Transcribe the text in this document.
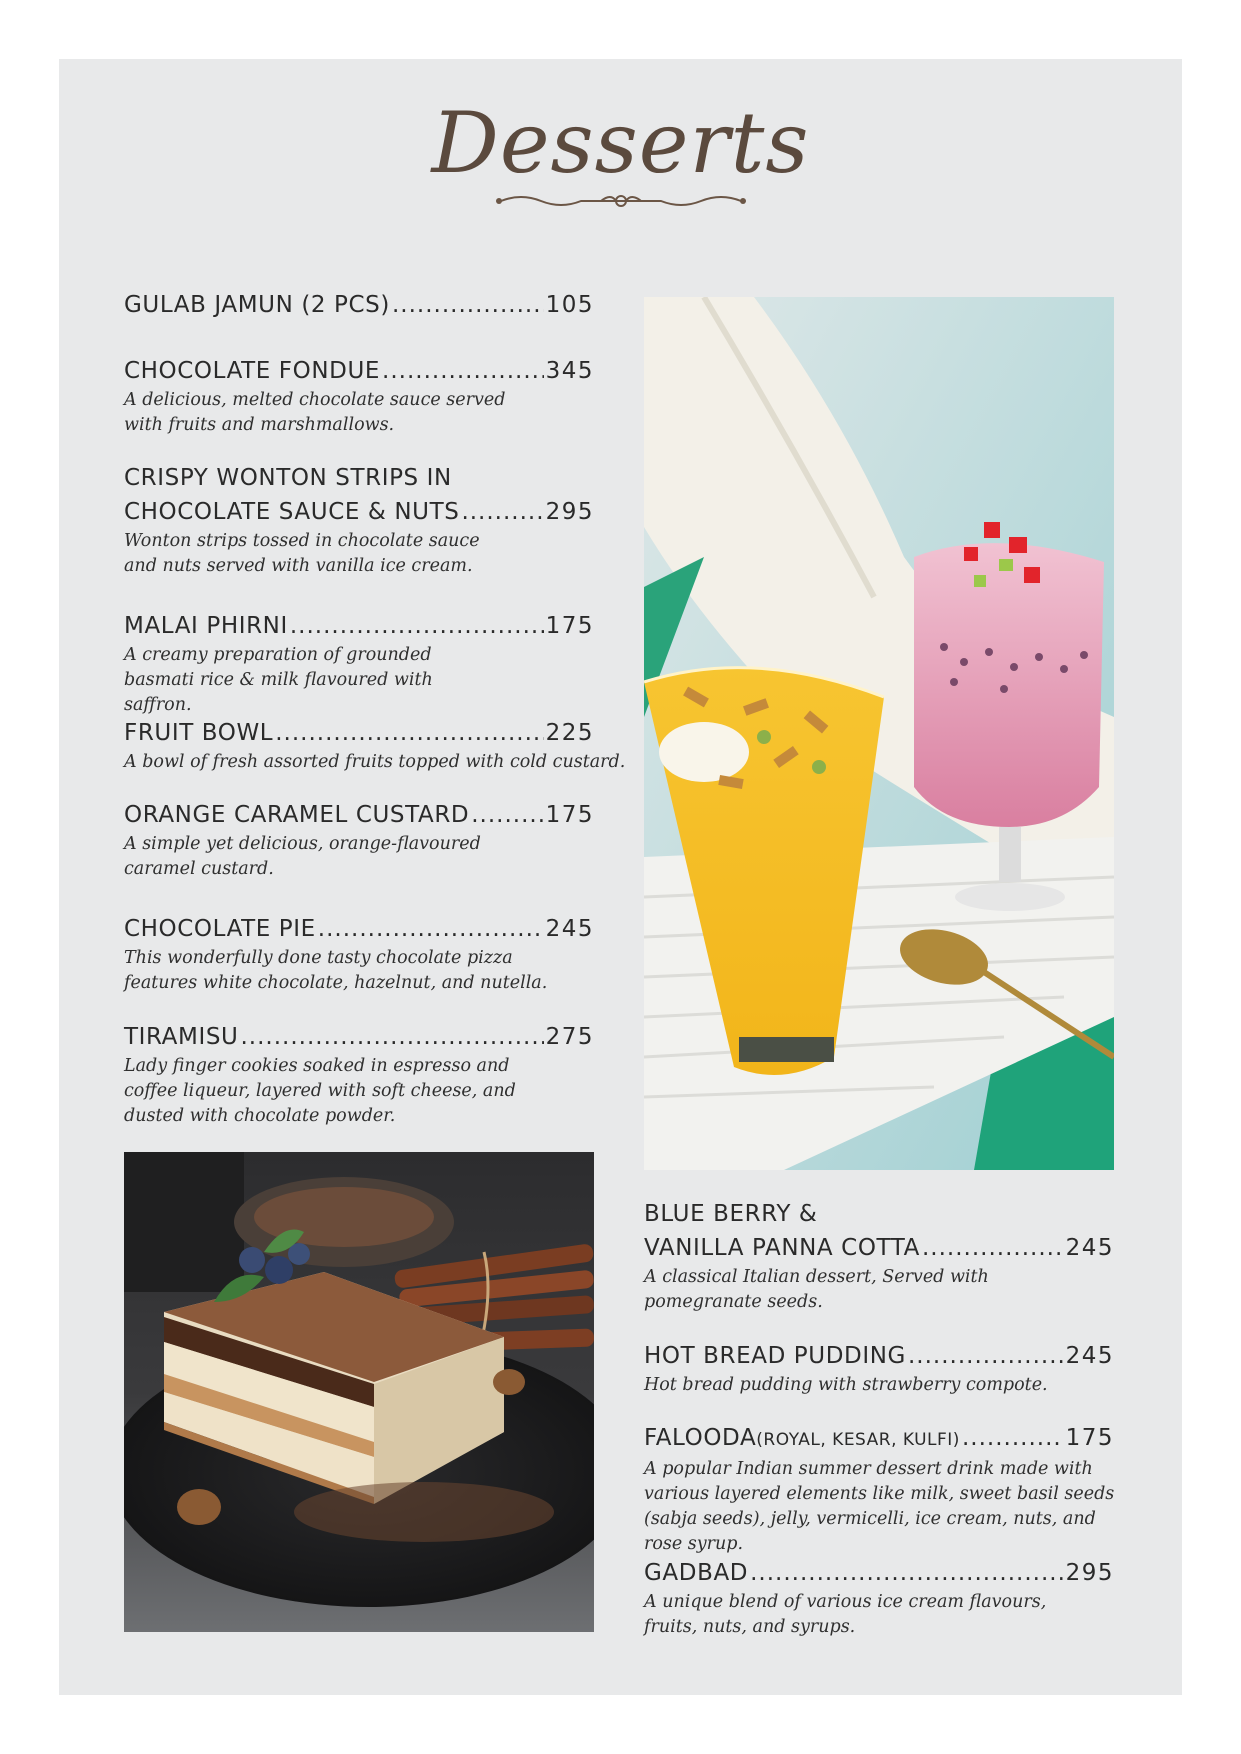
Desserts
GULAB JAMUN (2 PCS) .....	105
CHOCOLATE FONDUE .....	345
A delicious, melted chocolate sauce served with fruits and marshmallows.
CRISPY WONTON STRIPS IN
CHOCOLATE SAUCE & NUTS .....	295
Wonton strips tossed in chocolate sauce and nuts served with vanilla ice cream.
MALAI PHIRNI .....	175
A creamy preparation of grounded basmati rice & milk flavoured with saffron.
FRUIT BOWL .....	225
A bowl of fresh assorted fruits topped with cold custard.
ORANGE CARAMEL CUSTARD .....	175
A simple yet delicious, orange-flavoured caramel custard.
CHOCOLATE PIE .....	245
This wonderfully done tasty chocolate pizza features white chocolate, hazelnut, and nutella.
TIRAMISU .....	275
Lady finger cookies soaked in espresso and coffee liqueur, layered with soft cheese, and dusted with chocolate powder.
BLUE BERRY &
VANILLA PANNA COTTA .....	245
A classical Italian dessert, Served with pomegranate seeds.
HOT BREAD PUDDING .....	245
Hot bread pudding with strawberry compote.
FALOODA (ROYAL, KESAR, KULFI) .....	175
A popular Indian summer dessert drink made with various layered elements like milk, sweet basil seeds (sabja seeds), jelly, vermicelli, ice cream, nuts, and rose syrup.
GADBAD .....	295
A unique blend of various ice cream flavours, fruits, nuts, and syrups.
